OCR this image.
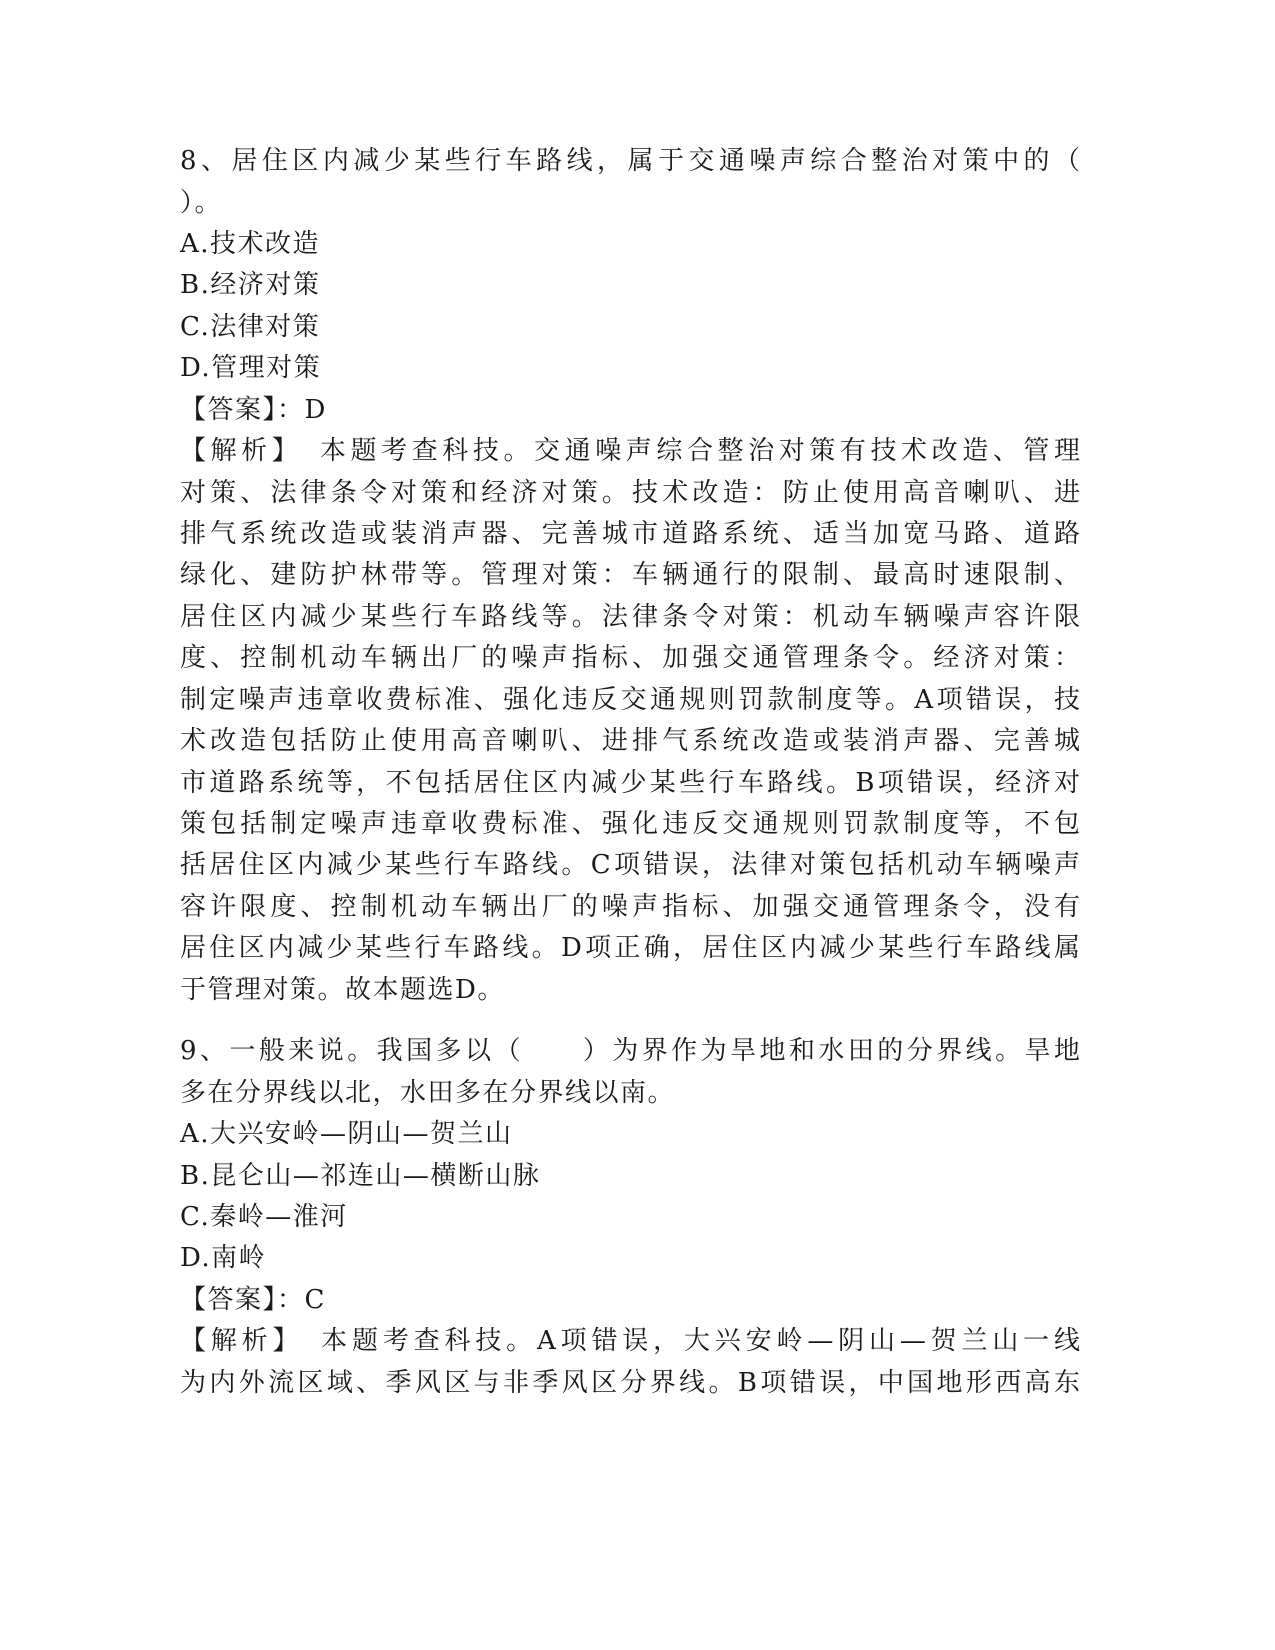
8、居住区内减少某些行车路线，属于交通噪声综合整治对策中的（
）。
A.技术改造
B.经济对策
C.法律对策
D.管理对策
【答案】：D
【解析】　本题考查科技。交通噪声综合整治对策有技术改造、管理
对策、法律条令对策和经济对策。技术改造：防止使用高音喇叭、进
排气系统改造或装消声器、完善城市道路系统、适当加宽马路、道路
绿化、建防护林带等。管理对策：车辆通行的限制、最高时速限制、
居住区内减少某些行车路线等。法律条令对策：机动车辆噪声容许限
度、控制机动车辆出厂的噪声指标、加强交通管理条令。经济对策：
制定噪声违章收费标准、强化违反交通规则罚款制度等。A项错误，技
术改造包括防止使用高音喇叭、进排气系统改造或装消声器、完善城
市道路系统等，不包括居住区内减少某些行车路线。B项错误，经济对
策包括制定噪声违章收费标准、强化违反交通规则罚款制度等，不包
括居住区内减少某些行车路线。C项错误，法律对策包括机动车辆噪声
容许限度、控制机动车辆出厂的噪声指标、加强交通管理条令，没有
居住区内减少某些行车路线。D项正确，居住区内减少某些行车路线属
于管理对策。故本题选D。
9、一般来说。我国多以（　　）为界作为旱地和水田的分界线。旱地
多在分界线以北，水田多在分界线以南。
A.大兴安岭—阴山—贺兰山
B.昆仑山—祁连山—横断山脉
C.秦岭—淮河
D.南岭
【答案】：C
【解析】　本题考查科技。A项错误，大兴安岭—阴山—贺兰山一线
为内外流区域、季风区与非季风区分界线。B项错误，中国地形西高东
